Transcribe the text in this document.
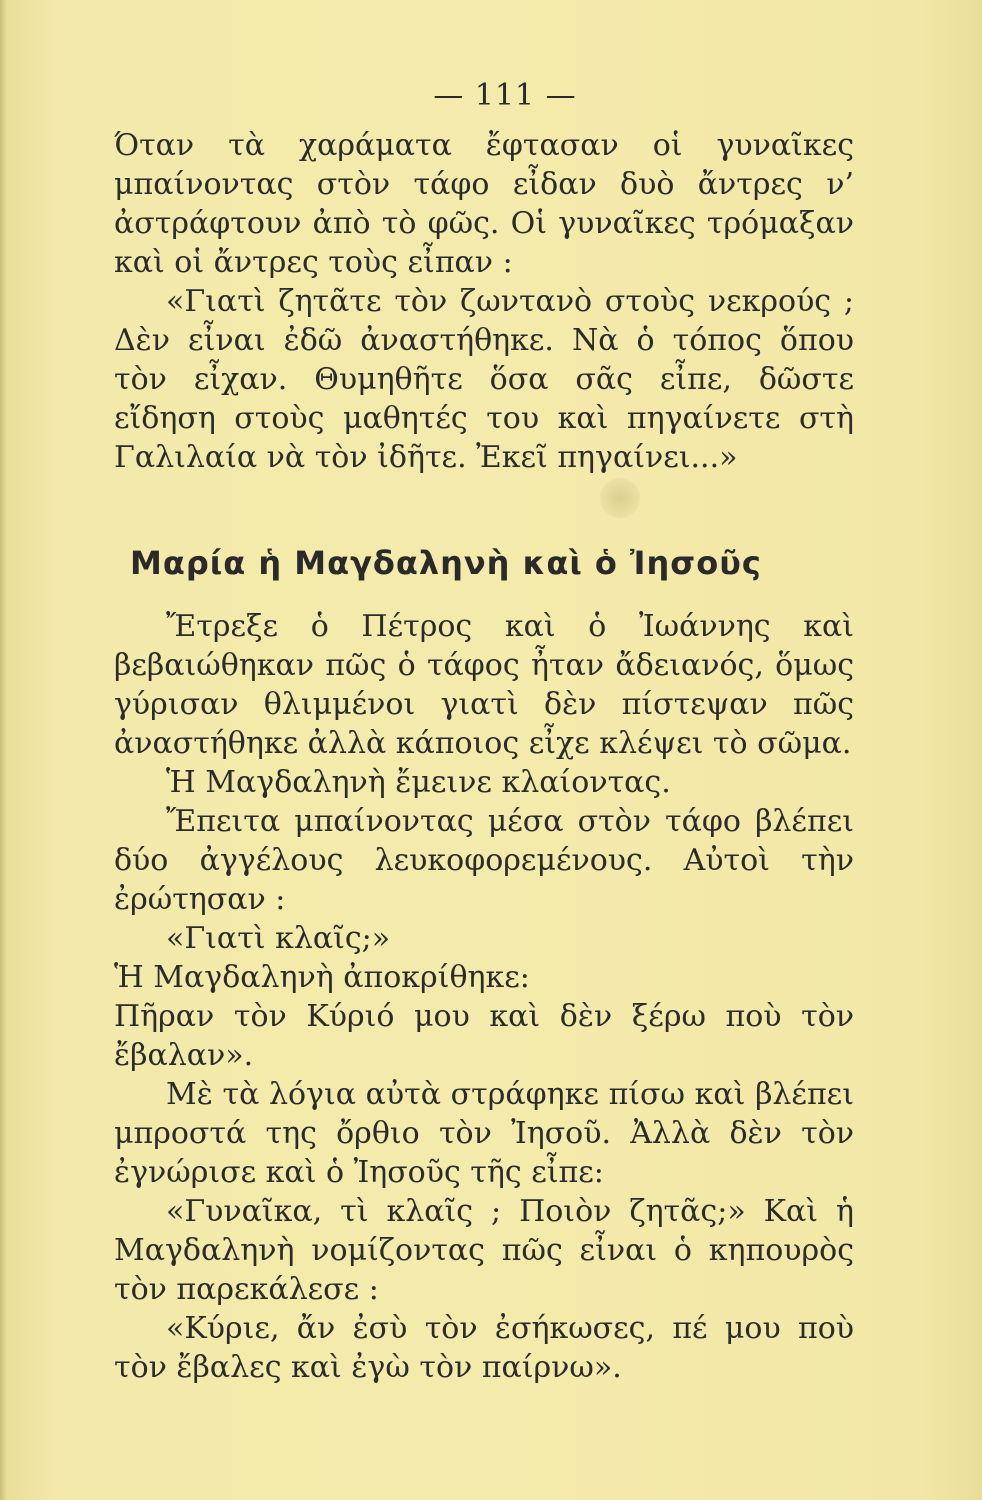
— 111 —

Όταν τὰ χαράματα ἔφτασαν οἱ γυναῖκες μπαίνοντας στὸν τάφο εἶδαν δυὸ ἄντρες ν’ ἀστράφτουν ἀπὸ τὸ φῶς. Οἱ γυναῖκες τρόμαξαν καὶ οἱ ἄντρες τοὺς εἶπαν :

«Γιατὶ ζητᾶτε τὸν ζωντανὸ στοὺς νεκρούς ; Δὲν εἶναι ἐδῶ ἀναστήθηκε. Νὰ ὁ τόπος ὅπου τὸν εἶχαν. Θυμηθῆτε ὅσα σᾶς εἶπε, δῶστε εἴδηση στοὺς μαθητές του καὶ πηγαίνετε στὴ Γαλιλαία νὰ τὸν ἰδῆτε. Ἐκεῖ πηγαίνει...»

Μαρία ἡ Μαγδαληνὴ καὶ ὁ Ἰησοῦς

Ἔτρεξε ὁ Πέτρος καὶ ὁ Ἰωάννης καὶ βεβαιώθηκαν πῶς ὁ τάφος ἦταν ἄδειανός, ὅμως γύρισαν θλιμμένοι γιατὶ δὲν πίστεψαν πῶς ἀναστήθηκε ἀλλὰ κάποιος εἶχε κλέψει τὸ σῶμα.

Ἡ Μαγδαληνὴ ἔμεινε κλαίοντας.

Ἔπειτα μπαίνοντας μέσα στὸν τάφο βλέπει δύο ἀγγέλους λευκοφορεμένους. Αὐτοὶ τὴν ἐρώτησαν :

«Γιατὶ κλαῖς;»

Ἡ Μαγδαληνὴ ἀποκρίθηκε:

Πῆραν τὸν Κύριό μου καὶ δὲν ξέρω ποὺ τὸν ἔβαλαν».

Μὲ τὰ λόγια αὐτὰ στράφηκε πίσω καὶ βλέπει μπροστά της ὄρθιο τὸν Ἰησοῦ. Ἀλλὰ δὲν τὸν ἐγνώρισε καὶ ὁ Ἰησοῦς τῆς εἶπε:

«Γυναῖκα, τὶ κλαῖς ; Ποιὸν ζητᾶς;» Καὶ ἡ Μαγδαληνὴ νομίζοντας πῶς εἶναι ὁ κηπουρὸς τὸν παρεκάλεσε :

«Κύριε, ἄν ἐσὺ τὸν ἐσήκωσες, πέ μου ποὺ τὸν ἔβαλες καὶ ἐγὼ τὸν παίρνω».
